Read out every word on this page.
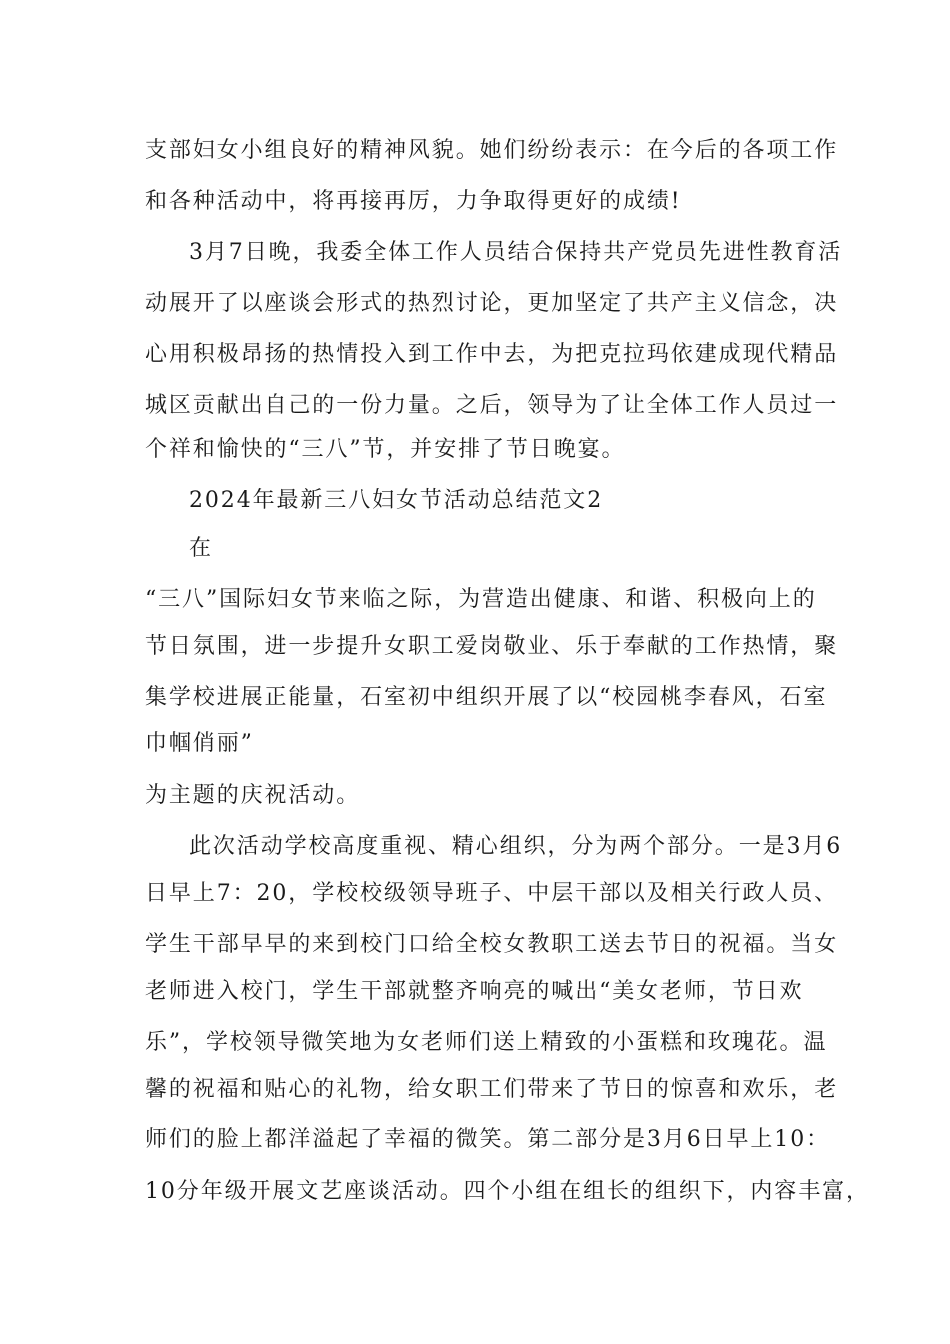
支部妇女小组良好的精神风貌。她们纷纷表示：在今后的各项工作
和各种活动中，将再接再厉，力争取得更好的成绩!
3月7日晚，我委全体工作人员结合保持共产党员先进性教育活
动展开了以座谈会形式的热烈讨论，更加坚定了共产主义信念，决
心用积极昂扬的热情投入到工作中去，为把克拉玛依建成现代精品
城区贡献出自己的一份力量。之后，领导为了让全体工作人员过一
个祥和愉快的“三八”节，并安排了节日晚宴。
2024年最新三八妇女节活动总结范文2
在
“三八”国际妇女节来临之际，为营造出健康、和谐、积极向上的
节日氛围，进一步提升女职工爱岗敬业、乐于奉献的工作热情，聚
集学校进展正能量，石室初中组织开展了以“校园桃李春风，石室
巾帼俏丽”
为主题的庆祝活动。
此次活动学校高度重视、精心组织，分为两个部分。一是3月6
日早上7：20，学校校级领导班子、中层干部以及相关行政人员、
学生干部早早的来到校门口给全校女教职工送去节日的祝福。当女
老师进入校门，学生干部就整齐响亮的喊出“美女老师，节日欢
乐”，学校领导微笑地为女老师们送上精致的小蛋糕和玫瑰花。温
馨的祝福和贴心的礼物，给女职工们带来了节日的惊喜和欢乐，老
师们的脸上都洋溢起了幸福的微笑。第二部分是3月6日早上10：
10分年级开展文艺座谈活动。四个小组在组长的组织下，内容丰富，
